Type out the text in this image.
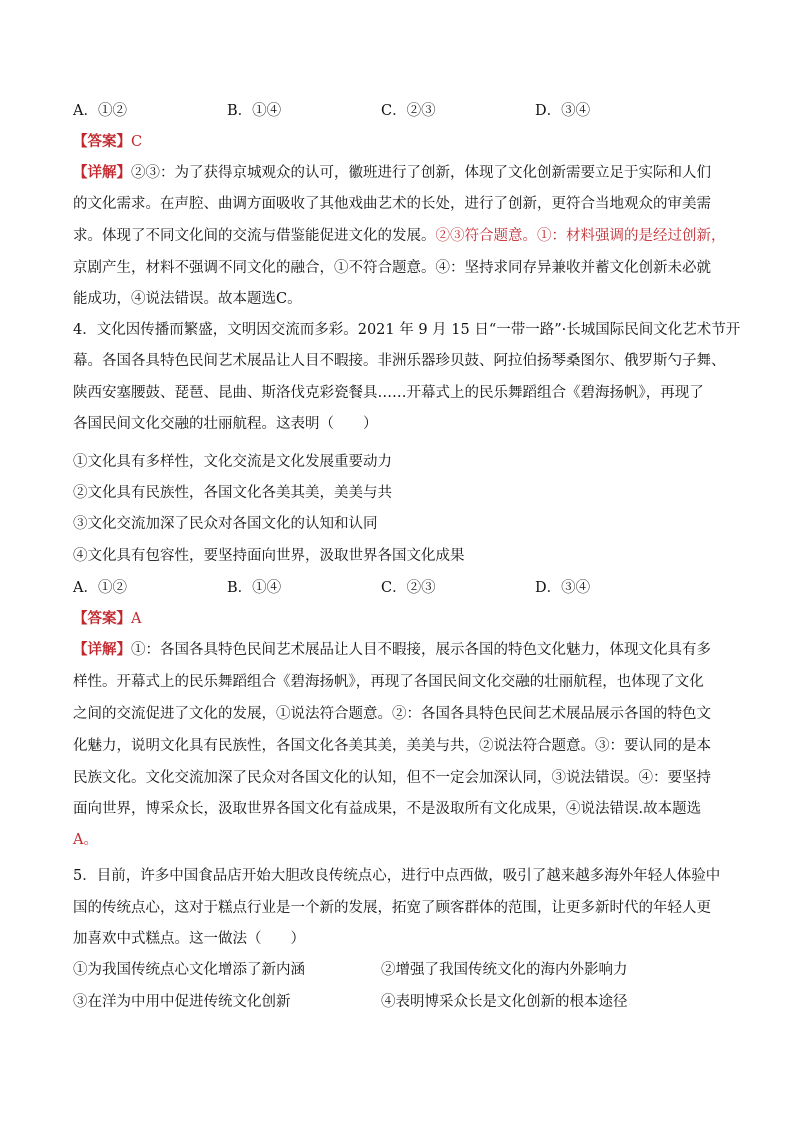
A．①②	B．①④	C．②③	D．③④
【答案】C
【详解】②③：为了获得京城观众的认可，徽班进行了创新，体现了文化创新需要立足于实际和人们
的文化需求。在声腔、曲调方面吸收了其他戏曲艺术的长处，进行了创新，更符合当地观众的审美需
求。体现了不同文化间的交流与借鉴能促进文化的发展。②③符合题意。①：材料强调的是经过创新，
京剧产生，材料不强调不同文化的融合，①不符合题意。④：坚持求同存异兼收并蓄文化创新未必就
能成功，④说法错误。故本题选C。
4．文化因传播而繁盛，文明因交流而多彩。2021 年 9 月 15 日“一带一路”·长城国际民间文化艺术节开
幕。各国各具特色民间艺术展品让人目不暇接。非洲乐器珍贝鼓、阿拉伯扬琴桑图尔、俄罗斯勺子舞、
陕西安塞腰鼓、琵琶、昆曲、斯洛伐克彩瓷餐具……开幕式上的民乐舞蹈组合《碧海扬帆》，再现了
各国民间文化交融的壮丽航程。这表明（　　）
①文化具有多样性，文化交流是文化发展重要动力
②文化具有民族性，各国文化各美其美，美美与共
③文化交流加深了民众对各国文化的认知和认同
④文化具有包容性，要坚持面向世界，汲取世界各国文化成果
A．①②	B．①④	C．②③	D．③④
【答案】A
【详解】①：各国各具特色民间艺术展品让人目不暇接，展示各国的特色文化魅力，体现文化具有多
样性。开幕式上的民乐舞蹈组合《碧海扬帆》，再现了各国民间文化交融的壮丽航程，也体现了文化
之间的交流促进了文化的发展，①说法符合题意。②：各国各具特色民间艺术展品展示各国的特色文
化魅力，说明文化具有民族性，各国文化各美其美，美美与共，②说法符合题意。③：要认同的是本
民族文化。文化交流加深了民众对各国文化的认知，但不一定会加深认同，③说法错误。④：要坚持
面向世界，博采众长，汲取世界各国文化有益成果，不是汲取所有文化成果，④说法错误.故本题选
A。
5．目前，许多中国食品店开始大胆改良传统点心，进行中点西做，吸引了越来越多海外年轻人体验中
国的传统点心，这对于糕点行业是一个新的发展，拓宽了顾客群体的范围，让更多新时代的年轻人更
加喜欢中式糕点。这一做法（　　）
①为我国传统点心文化增添了新内涵	②增强了我国传统文化的海内外影响力
③在洋为中用中促进传统文化创新	④表明博采众长是文化创新的根本途径
